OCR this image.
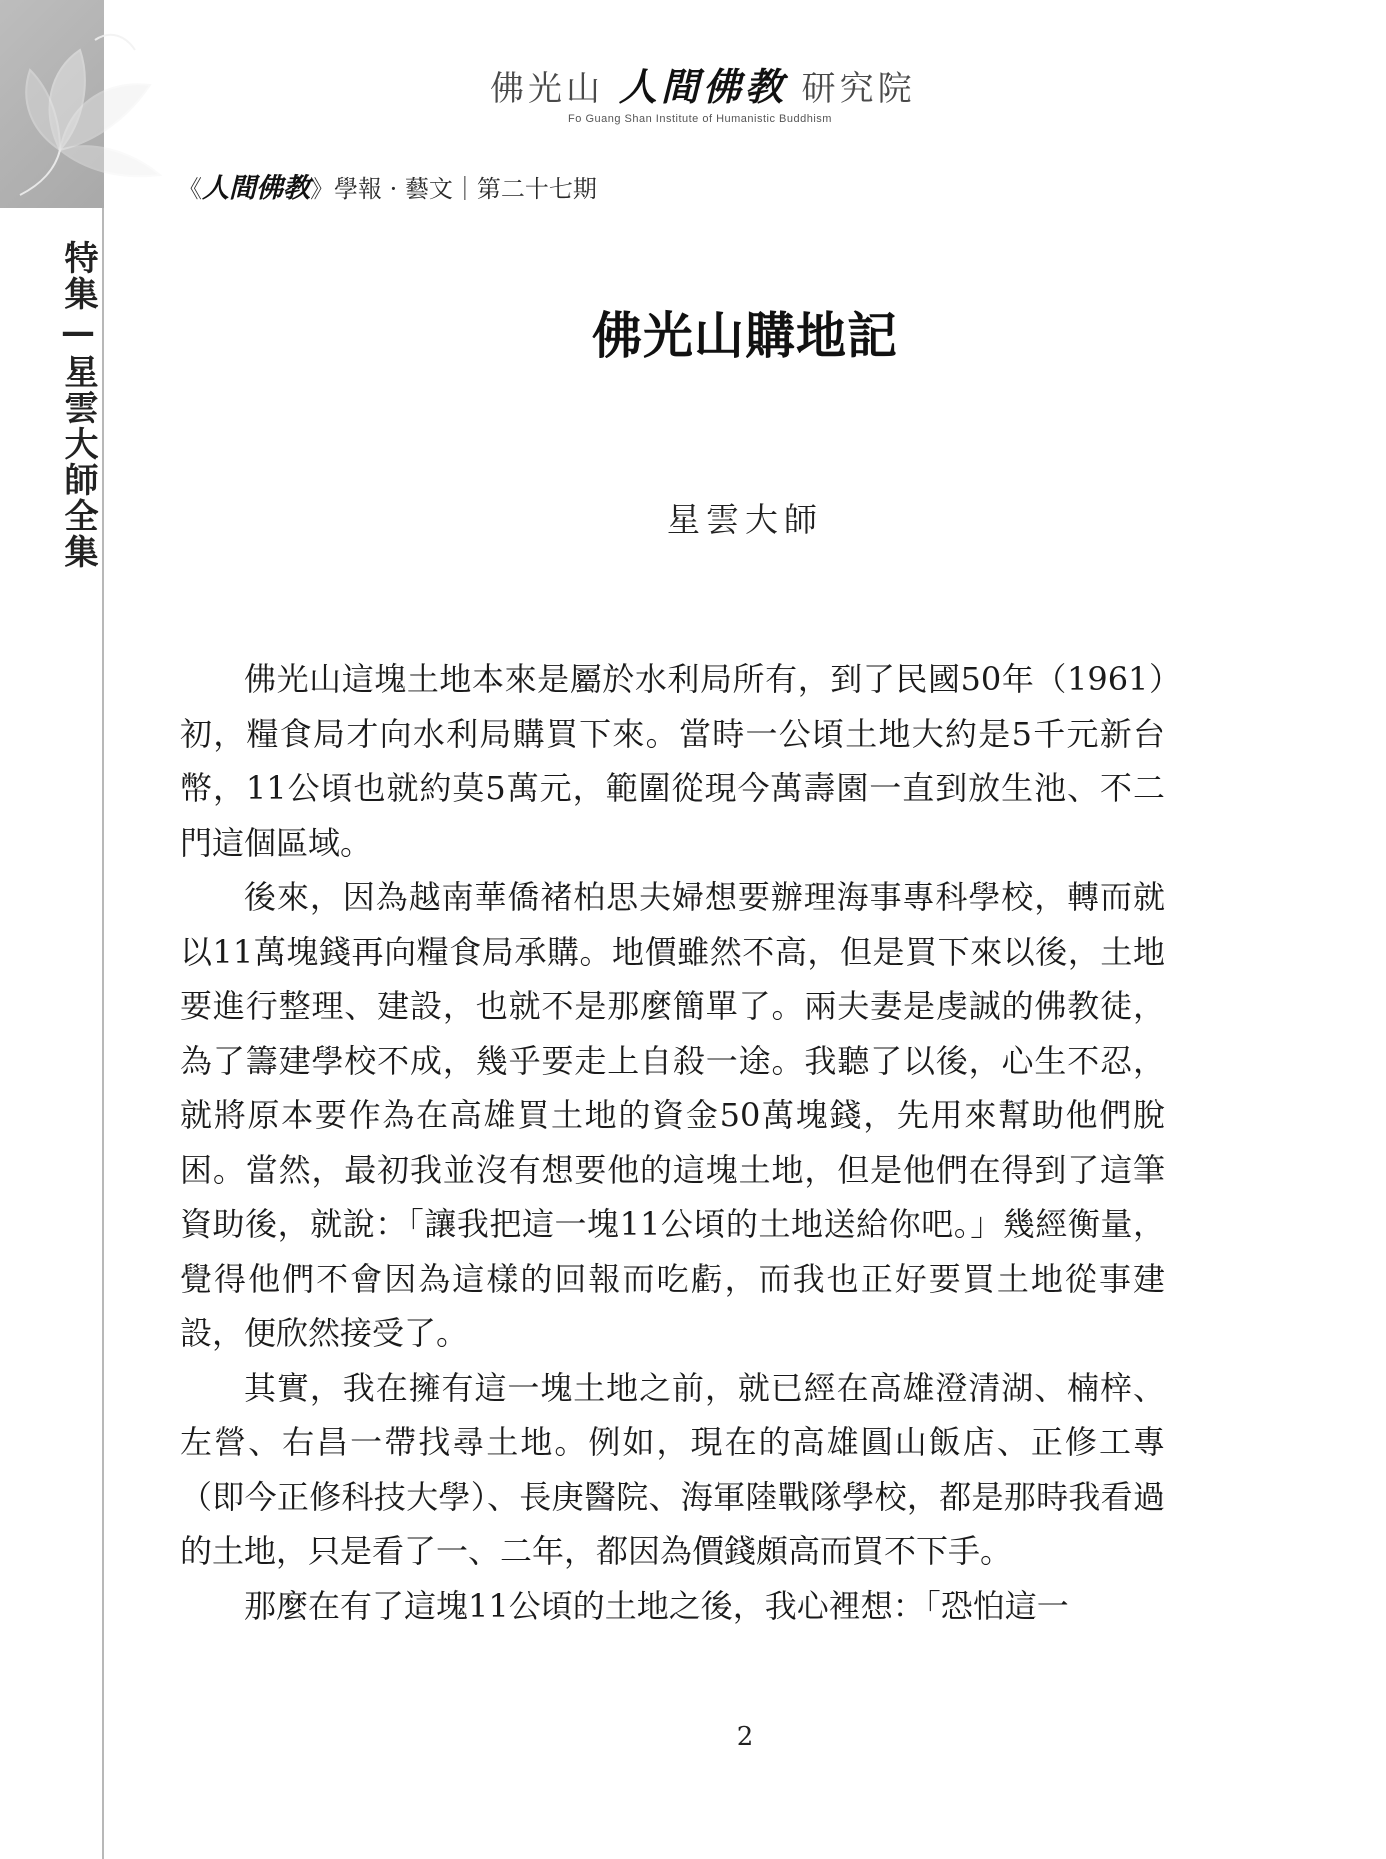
特集—星雲大師全集
佛光山 人間佛教 研究院
Fo Guang Shan Institute of Humanistic Buddhism
《人間佛教》學報 · 藝文｜第二十七期
佛光山購地記
星雲大師

佛光山這塊土地本來是屬於水利局所有，到了民國50年（1961）初，糧食局才向水利局購買下來。當時一公頃土地大約是5千元新台幣，11公頃也就約莫5萬元，範圍從現今萬壽園一直到放生池、不二門這個區域。

後來，因為越南華僑褚柏思夫婦想要辦理海事專科學校，轉而就以11萬塊錢再向糧食局承購。地價雖然不高，但是買下來以後，土地要進行整理、建設，也就不是那麼簡單了。兩夫妻是虔誠的佛教徒，為了籌建學校不成，幾乎要走上自殺一途。我聽了以後，心生不忍，就將原本要作為在高雄買土地的資金50萬塊錢，先用來幫助他們脫困。當然，最初我並沒有想要他的這塊土地，但是他們在得到了這筆資助後，就說：「讓我把這一塊11公頃的土地送給你吧。」幾經衡量，覺得他們不會因為這樣的回報而吃虧，而我也正好要買土地從事建設，便欣然接受了。

其實，我在擁有這一塊土地之前，就已經在高雄澄清湖、楠梓、左營、右昌一帶找尋土地。例如，現在的高雄圓山飯店、正修工專（即今正修科技大學）、長庚醫院、海軍陸戰隊學校，都是那時我看過的土地，只是看了一、二年，都因為價錢頗高而買不下手。

那麼在有了這塊11公頃的土地之後，我心裡想：「恐怕這一

2
